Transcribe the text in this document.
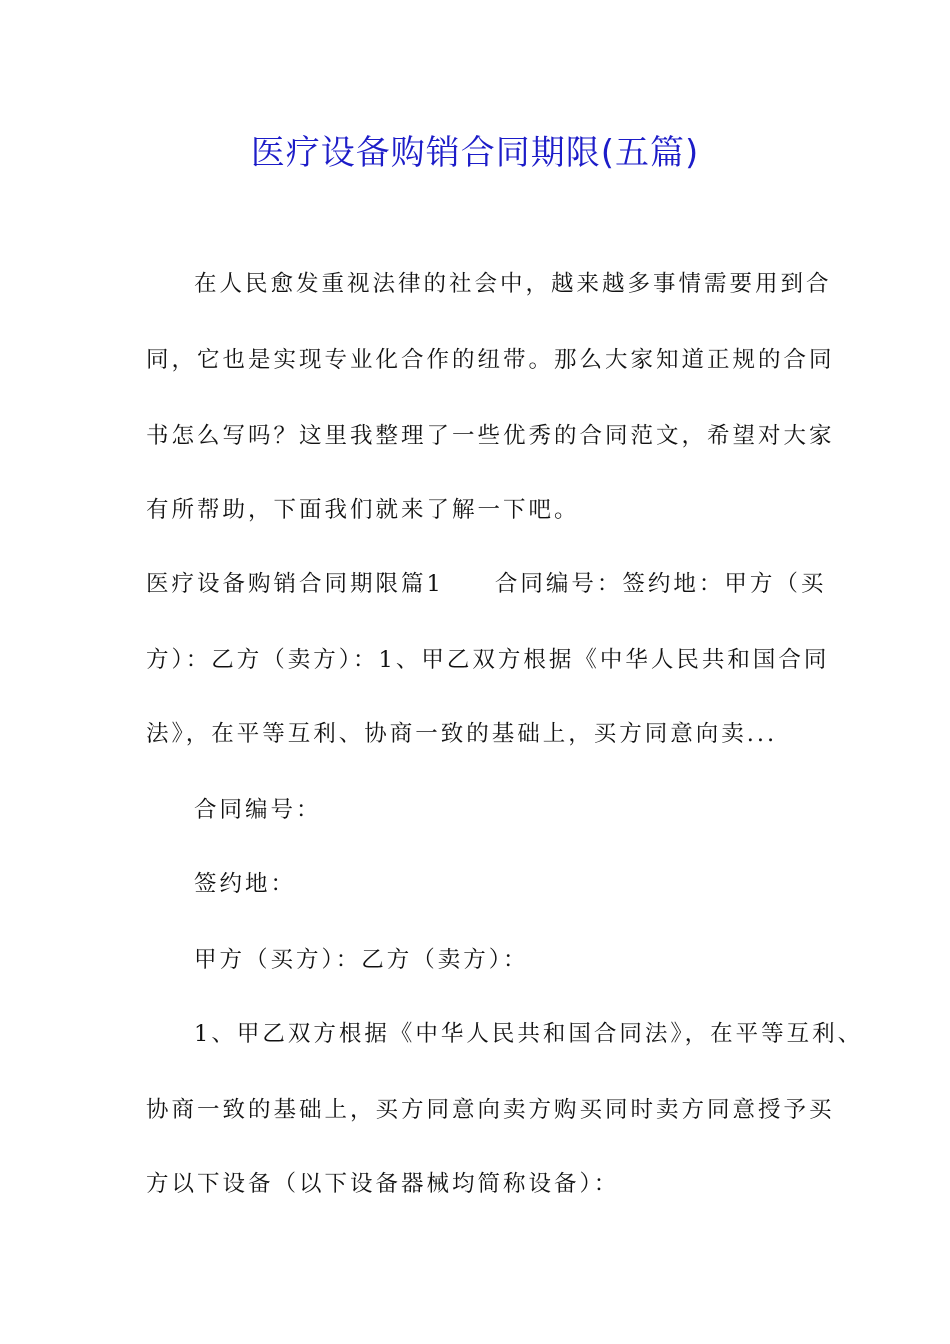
医疗设备购销合同期限(五篇)
在人民愈发重视法律的社会中，越来越多事情需要用到合
同，它也是实现专业化合作的纽带。那么大家知道正规的合同
书怎么写吗？这里我整理了一些优秀的合同范文，希望对大家
有所帮助，下面我们就来了解一下吧。
医疗设备购销合同期限篇1　　合同编号：签约地：甲方（买
方）：乙方（卖方）：1、甲乙双方根据《中华人民共和国合同
法》，在平等互利、协商一致的基础上，买方同意向卖...
合同编号：
签约地：
甲方（买方）：乙方（卖方）：
1、甲乙双方根据《中华人民共和国合同法》，在平等互利、
协商一致的基础上，买方同意向卖方购买同时卖方同意授予买
方以下设备（以下设备器械均简称设备）：
